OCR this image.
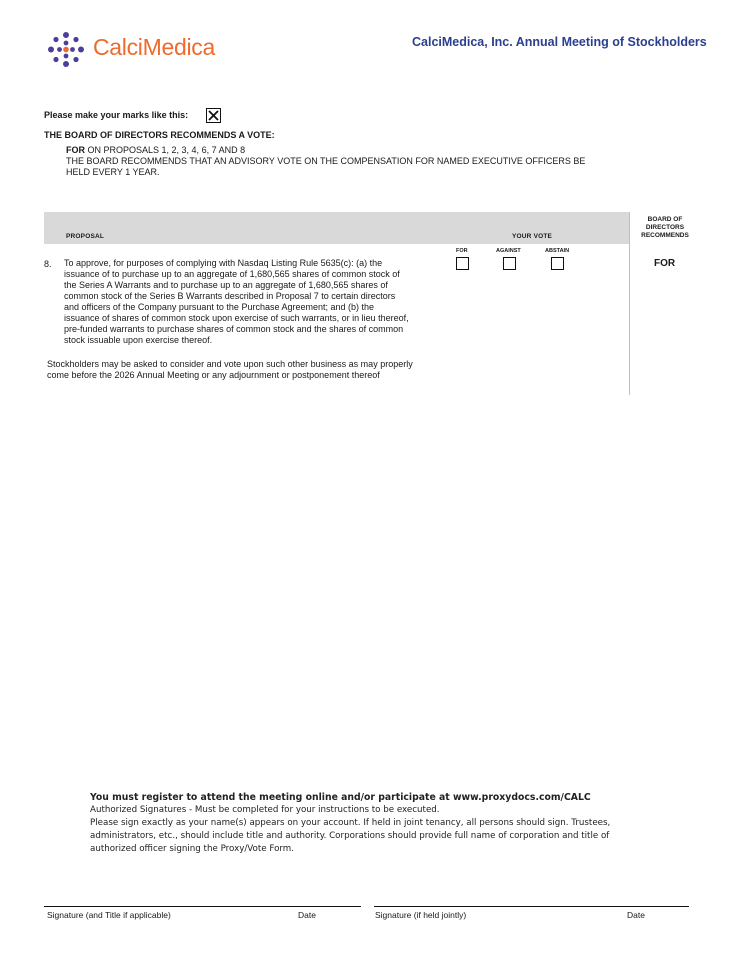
CalciMedica	CalciMedica, Inc. Annual Meeting of Stockholders
Please make your marks like this:
THE BOARD OF DIRECTORS RECOMMENDS A VOTE:
FOR ON PROPOSALS 1, 2, 3, 4, 6, 7 AND 8
THE BOARD RECOMMENDS THAT AN ADVISORY VOTE ON THE COMPENSATION FOR NAMED EXECUTIVE OFFICERS BE
HELD EVERY 1 YEAR.
PROPOSAL	YOUR VOTE
BOARD OF DIRECTORS RECOMMENDS
FOR	AGAINST	ABSTAIN
8. To approve, for purposes of complying with Nasdaq Listing Rule 5635(c): (a) the
issuance of to purchase up to an aggregate of 1,680,565 shares of common stock of
the Series A Warrants and to purchase up to an aggregate of 1,680,565 shares of
common stock of the Series B Warrants described in Proposal 7 to certain directors
and officers of the Company pursuant to the Purchase Agreement; and (b) the
issuance of shares of common stock upon exercise of such warrants, or in lieu thereof,
pre-funded warrants to purchase shares of common stock and the shares of common
stock issuable upon exercise thereof.
FOR
Stockholders may be asked to consider and vote upon such other business as may properly
come before the 2026 Annual Meeting or any adjournment or postponement thereof
You must register to attend the meeting online and/or participate at www.proxydocs.com/CALC
Authorized Signatures - Must be completed for your instructions to be executed.
Please sign exactly as your name(s) appears on your account. If held in joint tenancy, all persons should sign. Trustees,
administrators, etc., should include title and authority. Corporations should provide full name of corporation and title of
authorized officer signing the Proxy/Vote Form.
Signature (and Title if applicable)	Date	Signature (if held jointly)	Date
